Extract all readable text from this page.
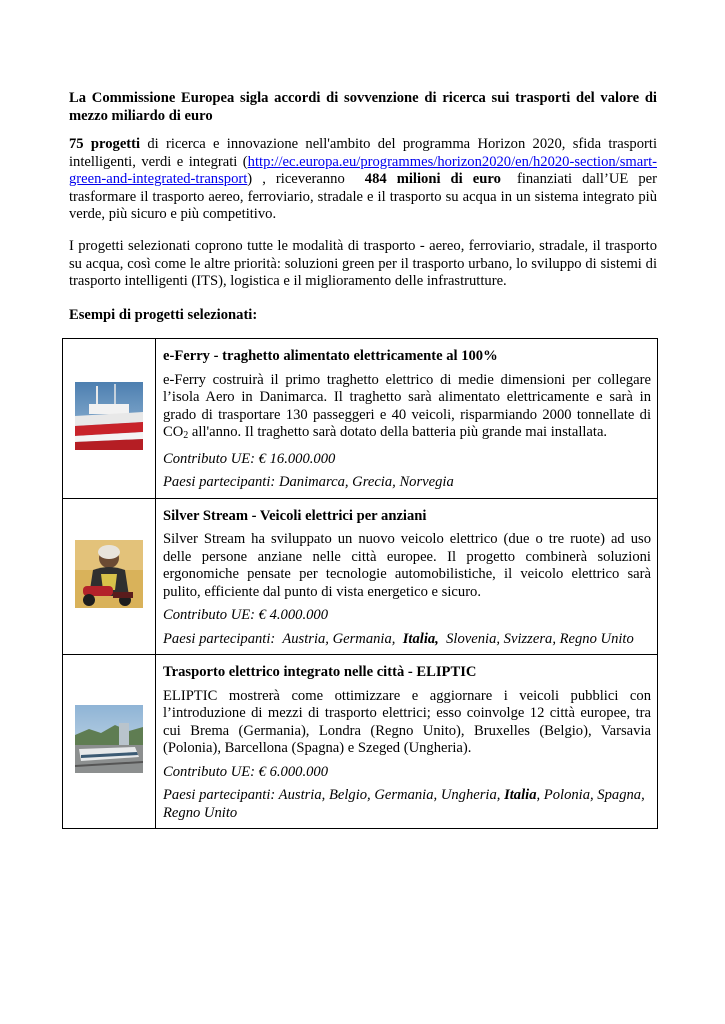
La Commissione Europea sigla accordi di sovvenzione di ricerca sui trasporti del valore di mezzo miliardo di euro
75 progetti di ricerca e innovazione nell'ambito del programma Horizon 2020, sfida trasporti intelligenti, verdi e integrati (http://ec.europa.eu/programmes/horizon2020/en/h2020-section/smart-green-and-integrated-transport) , riceveranno 484 milioni di euro finanziati dall’UE per trasformare il trasporto aereo, ferroviario, stradale e il trasporto su acqua in un sistema integrato più verde, più sicuro e più competitivo.
I progetti selezionati coprono tutte le modalità di trasporto - aereo, ferroviario, stradale, il trasporto su acqua, così come le altre priorità: soluzioni green per il trasporto urbano, lo sviluppo di sistemi di trasporto intelligenti (ITS), logistica e il miglioramento delle infrastrutture.
Esempi di progetti selezionati:

e-Ferry - traghetto alimentato elettricamente al 100%
e-Ferry costruirà il primo traghetto elettrico di medie dimensioni per collegare l’isola Aero in Danimarca. Il traghetto sarà alimentato elettricamente e sarà in grado di trasportare 130 passeggeri e 40 veicoli, risparmiando 2000 tonnellate di $CO_2$ all'anno. Il traghetto sarà dotato della batteria più grande mai installata.
Contributo UE: € 16.000.000
Paesi partecipanti: Danimarca, Grecia, Norvegia

Silver Stream - Veicoli elettrici per anziani
Silver Stream ha sviluppato un nuovo veicolo elettrico (due o tre ruote) ad uso delle persone anziane nelle città europee. Il progetto combinerà soluzioni ergonomiche pensate per tecnologie automobilistiche, il veicolo elettrico sarà pulito, efficiente dal punto di vista energetico e sicuro.
Contributo UE: € 4.000.000
Paesi partecipanti: Austria, Germania, Italia, Slovenia, Svizzera, Regno Unito

Trasporto elettrico integrato nelle città - ELIPTIC
ELIPTIC mostrerà come ottimizzare e aggiornare i veicoli pubblici con l’introduzione di mezzi di trasporto elettrici; esso coinvolge 12 città europee, tra cui Brema (Germania), Londra (Regno Unito), Bruxelles (Belgio), Varsavia (Polonia), Barcellona (Spagna) e Szeged (Ungheria).
Contributo UE: € 6.000.000
Paesi partecipanti: Austria, Belgio, Germania, Ungheria, Italia, Polonia, Spagna, Regno Unito
